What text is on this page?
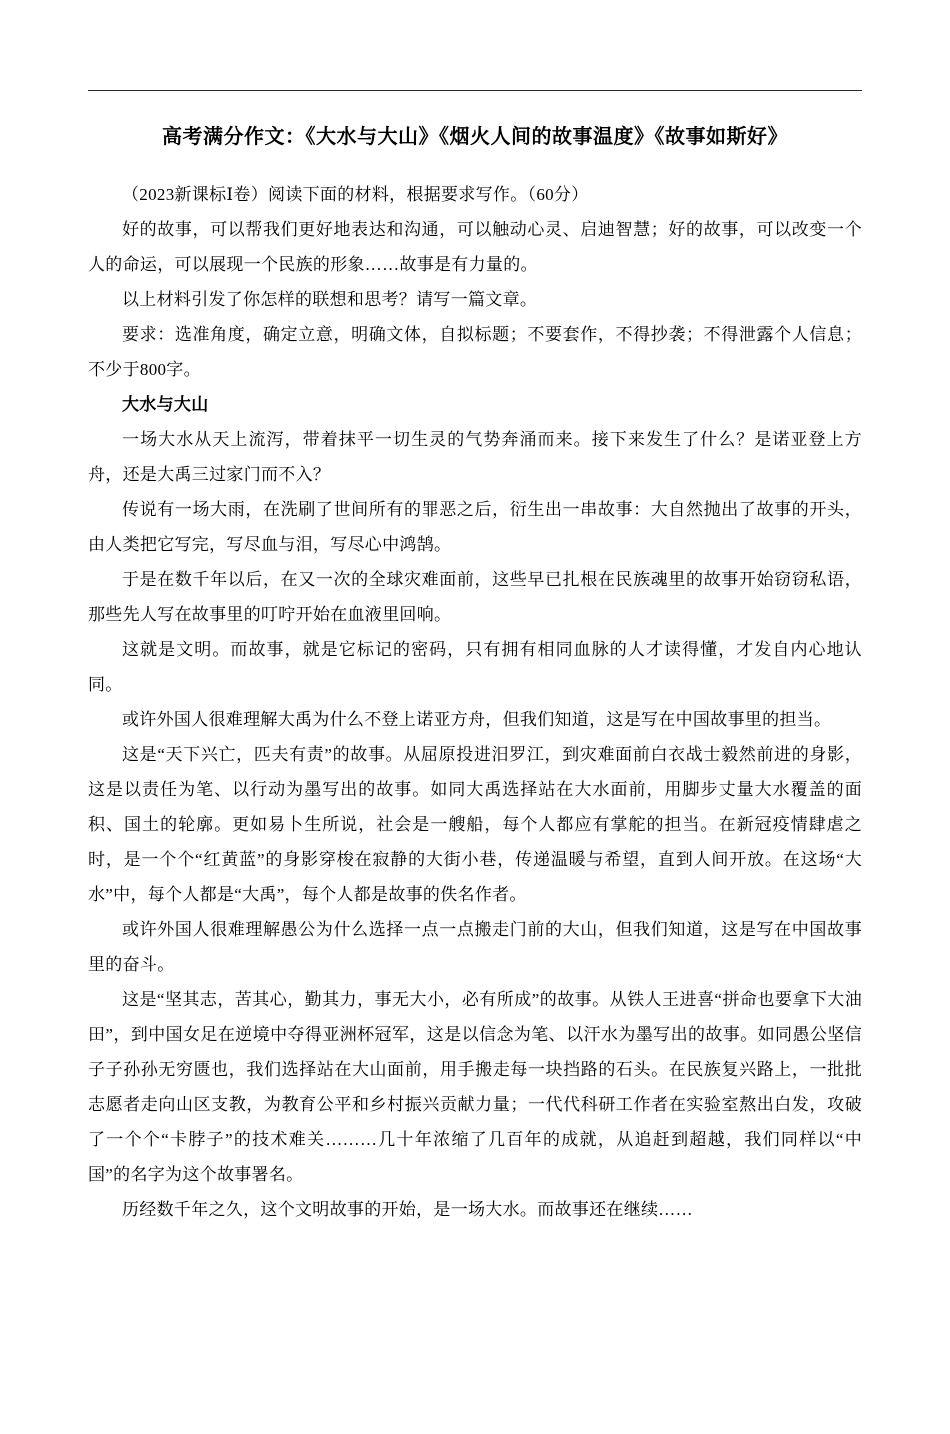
高考满分作文：《大水与大山》《烟火人间的故事温度》《故事如斯好》

（2023新课标Ⅰ卷）阅读下面的材料，根据要求写作。（60分）

好的故事，可以帮我们更好地表达和沟通，可以触动心灵、启迪智慧；好的故事，可以改变一个人的命运，可以展现一个民族的形象……故事是有力量的。

以上材料引发了你怎样的联想和思考？请写一篇文章。

要求：选准角度，确定立意，明确文体，自拟标题；不要套作，不得抄袭；不得泄露个人信息；不少于800字。

大水与大山

一场大水从天上流泻，带着抹平一切生灵的气势奔涌而来。接下来发生了什么？是诺亚登上方舟，还是大禹三过家门而不入？

传说有一场大雨，在洗刷了世间所有的罪恶之后，衍生出一串故事：大自然抛出了故事的开头，由人类把它写完，写尽血与泪，写尽心中鸿鹄。

于是在数千年以后，在又一次的全球灾难面前，这些早已扎根在民族魂里的故事开始窃窃私语，那些先人写在故事里的叮咛开始在血液里回响。

这就是文明。而故事，就是它标记的密码，只有拥有相同血脉的人才读得懂，才发自内心地认同。

或许外国人很难理解大禹为什么不登上诺亚方舟，但我们知道，这是写在中国故事里的担当。

这是“天下兴亡，匹夫有责”的故事。从屈原投进汨罗江，到灾难面前白衣战士毅然前进的身影，这是以责任为笔、以行动为墨写出的故事。如同大禹选择站在大水面前，用脚步丈量大水覆盖的面积、国土的轮廓。更如易卜生所说，社会是一艘船，每个人都应有掌舵的担当。在新冠疫情肆虐之时，是一个个“红黄蓝”的身影穿梭在寂静的大街小巷，传递温暖与希望，直到人间开放。在这场“大水”中，每个人都是“大禹”，每个人都是故事的佚名作者。

或许外国人很难理解愚公为什么选择一点一点搬走门前的大山，但我们知道，这是写在中国故事里的奋斗。

这是“坚其志，苦其心，勤其力，事无大小，必有所成”的故事。从铁人王进喜“拼命也要拿下大油田”，到中国女足在逆境中夺得亚洲杯冠军，这是以信念为笔、以汗水为墨写出的故事。如同愚公坚信子子孙孙无穷匮也，我们选择站在大山面前，用手搬走每一块挡路的石头。在民族复兴路上，一批批志愿者走向山区支教，为教育公平和乡村振兴贡献力量；一代代科研工作者在实验室熬出白发，攻破了一个个“卡脖子”的技术难关………几十年浓缩了几百年的成就，从追赶到超越，我们同样以“中国”的名字为这个故事署名。

历经数千年之久，这个文明故事的开始，是一场大水。而故事还在继续……
